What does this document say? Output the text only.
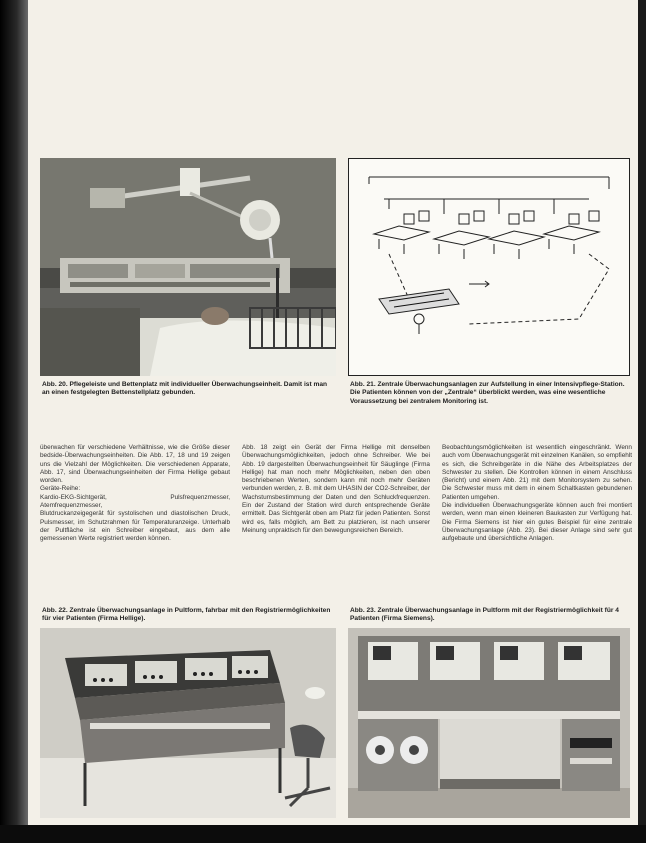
Abb. 20. Pflegeleiste und Bettenplatz mit individueller Überwachungseinheit. Damit ist man an einen festgelegten Bettenstellplatz gebunden.
Abb. 21. Zentrale Überwachungsanlagen zur Aufstellung in einer Intensivpflege-Station. Die Patienten können von der „Zentrale“ überblickt werden, was eine wesentliche Voraussetzung bei zentralem Monitoring ist.

überwachen für verschiedene Verhältnisse, wie die Größe dieser bedside-Überwachungseinheiten. Die Abb. 17, 18 und 19 zeigen uns die Vielzahl der Möglichkeiten. Die verschiedenen Apparate, Abb. 17, sind Überwachungseinheiten der Firma Hellige gebaut worden.

Geräte-Reihe:

Kardio-EKG-Sichtgerät, Pulsfrequenzmesser, Atemfrequenzmesser,

Blutdruckanzeigegerät für systolischen und diastolischen Druck, Pulsmesser, im Schutzrahmen für Temperaturanzeige. Unterhalb der Pultfläche ist ein Schreiber eingebaut, aus dem alle gemessenen Werte registriert werden können.

Abb. 18 zeigt ein Gerät der Firma Hellige mit denselben Überwachungsmöglichkeiten, jedoch ohne Schreiber. Wie bei Abb. 19 dargestellten Überwachungseinheit für Säuglinge (Firma Hellige) hat man noch mehr Möglichkeiten, neben den oben beschriebenen Werten, sondern kann mit noch mehr Geräten verbunden werden, z. B. mit dem UHASIN der CO2-Schreiber, der Wachstumsbestimmung der Daten und den Schluckfrequenzen. Ein der Zustand der Station wird durch entsprechende Geräte ermittelt. Das Sichtgerät oben am Platz für jeden Patienten. Sonst wird es, falls möglich, am Bett zu platzieren, ist nach unserer Meinung unpraktisch für den bewegungsreichen Bereich.

Beobachtungsmöglichkeiten ist wesentlich eingeschränkt. Wenn auch vom Überwachungsgerät mit einzelnen Kanälen, so empfiehlt es sich, die Schreibgeräte in die Nähe des Arbeitsplatzes der Schwester zu stellen. Die Kontrollen können in einem Anschluss (Bericht) und einem Abb. 21) mit dem Monitorsystem zu sehen. Die Schwester muss mit dem in einem Schaltkasten gebundenen Patienten umgehen.

Die individuellen Überwachungsgeräte können auch frei montiert werden, wenn man einen kleineren Baukasten zur Verfügung hat. Die Firma Siemens ist hier ein gutes Beispiel für eine zentrale Überwachungsanlage (Abb. 23). Bei dieser Anlage sind sehr gut aufgebaute und übersichtliche Anlagen.

Abb. 22. Zentrale Überwachungsanlage in Pultform, fahrbar mit den Registriermöglichkeiten für vier Patienten (Firma Hellige).
Abb. 23. Zentrale Überwachungsanlage in Pultform mit der Registriermöglichkeit für 4 Patienten (Firma Siemens).
